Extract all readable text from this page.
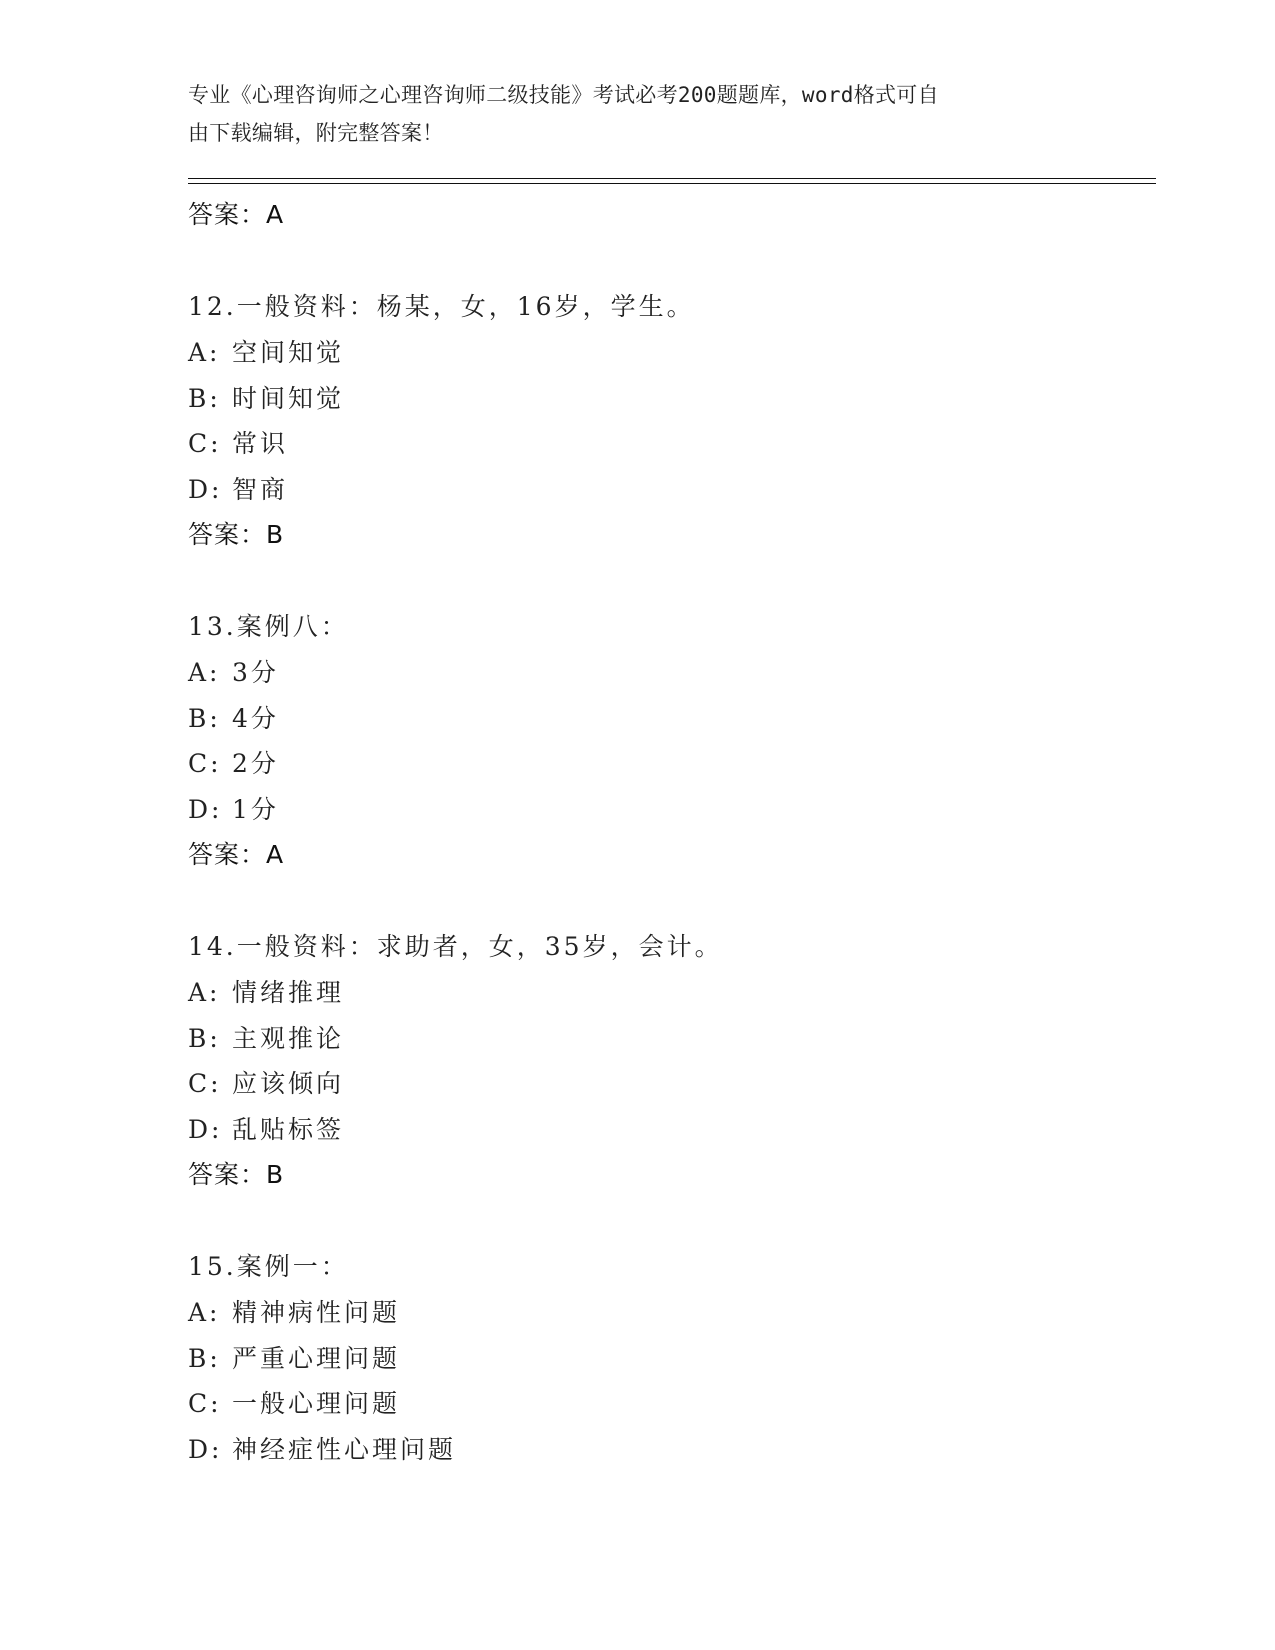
专业《心理咨询师之心理咨询师二级技能》考试必考200题题库，word格式可自
由下载编辑，附完整答案！
答案：A
12.一般资料：杨某，女，16岁，学生。
A: 空间知觉
B: 时间知觉
C: 常识
D: 智商
答案：B
13.案例八：
A: 3分
B: 4分
C: 2分
D: 1分
答案：A
14.一般资料：求助者，女，35岁，会计。
A: 情绪推理
B: 主观推论
C: 应该倾向
D: 乱贴标签
答案：B
15.案例一：
A: 精神病性问题
B: 严重心理问题
C: 一般心理问题
D: 神经症性心理问题
